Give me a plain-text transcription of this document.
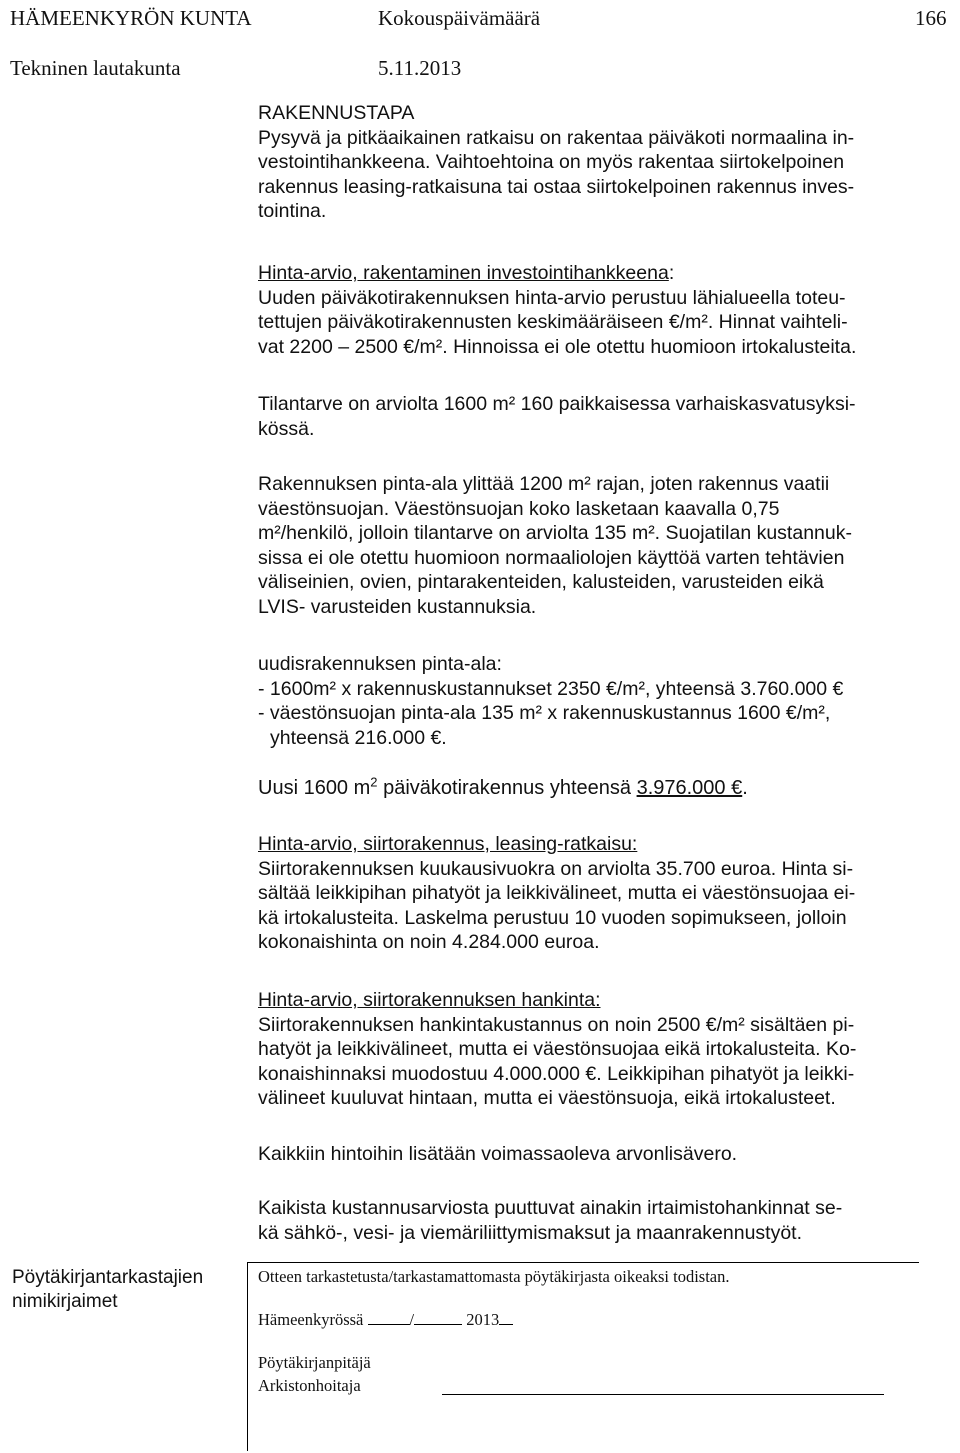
HÄMEENKYRÖN KUNTA	Kokouspäivämäärä	166
Tekninen lautakunta	5.11.2013

RAKENNUSTAPA

Pysyvä ja pitkäaikainen ratkaisu on rakentaa päiväkoti normaalina in-

vestointihankkeena. Vaihtoehtoina on myös rakentaa siirtokelpoinen

rakennus leasing-ratkaisuna tai ostaa siirtokelpoinen rakennus inves-

tointina.

Hinta-arvio, rakentaminen investointihankkeena:

Uuden päiväkotirakennuksen hinta-arvio perustuu lähialueella toteu-

tettujen päiväkotirakennusten keskimääräiseen €/m². Hinnat vaihteli-

vat 2200 – 2500 €/m². Hinnoissa ei ole otettu huomioon irtokalusteita.

Tilantarve on arviolta 1600 m² 160 paikkaisessa varhaiskasvatusyksi-

kössä.

Rakennuksen pinta-ala ylittää 1200 m² rajan, joten rakennus vaatii

väestönsuojan. Väestönsuojan koko lasketaan kaavalla 0,75

m²/henkilö, jolloin tilantarve on arviolta 135 m². Suojatilan kustannuk-

sissa ei ole otettu huomioon normaaliolojen käyttöä varten tehtävien

väliseinien, ovien, pintarakenteiden, kalusteiden, varusteiden eikä

LVIS- varusteiden kustannuksia.

uudisrakennuksen pinta-ala:

- 1600m² x rakennuskustannukset 2350 €/m², yhteensä 3.760.000 €

- väestönsuojan pinta-ala 135 m² x rakennuskustannus 1600 €/m²,

yhteensä 216.000 €.

Uusi 1600 $m^2$ päiväkotirakennus yhteensä 3.976.000 €.

Hinta-arvio, siirtorakennus, leasing-ratkaisu:

Siirtorakennuksen kuukausivuokra on arviolta 35.700 euroa. Hinta si-

sältää leikkipihan pihatyöt ja leikkivälineet, mutta ei väestönsuojaa ei-

kä irtokalusteita. Laskelma perustuu 10 vuoden sopimukseen, jolloin

kokonaishinta on noin 4.284.000 euroa.

Hinta-arvio, siirtorakennuksen hankinta:

Siirtorakennuksen hankintakustannus on noin 2500 €/m² sisältäen pi-

hatyöt ja leikkivälineet, mutta ei väestönsuojaa eikä irtokalusteita. Ko-

konaishinnaksi muodostuu 4.000.000 €. Leikkipihan pihatyöt ja leikki-

välineet kuuluvat hintaan, mutta ei väestönsuoja, eikä irtokalusteet.

Kaikkiin hintoihin lisätään voimassaoleva arvonlisävero.

Kaikista kustannusarviosta puuttuvat ainakin irtaimistohankinnat se-

kä sähkö-, vesi- ja viemäriliittymismaksut ja maanrakennustyöt.

Pöytäkirjantarkastajien
nimikirjaimet
Otteen tarkastetusta/tarkastamattomasta pöytäkirjasta oikeaksi todistan.
Hämeenkyrössä	/	2013
Pöytäkirjanpitäjä
Arkistonhoitaja
